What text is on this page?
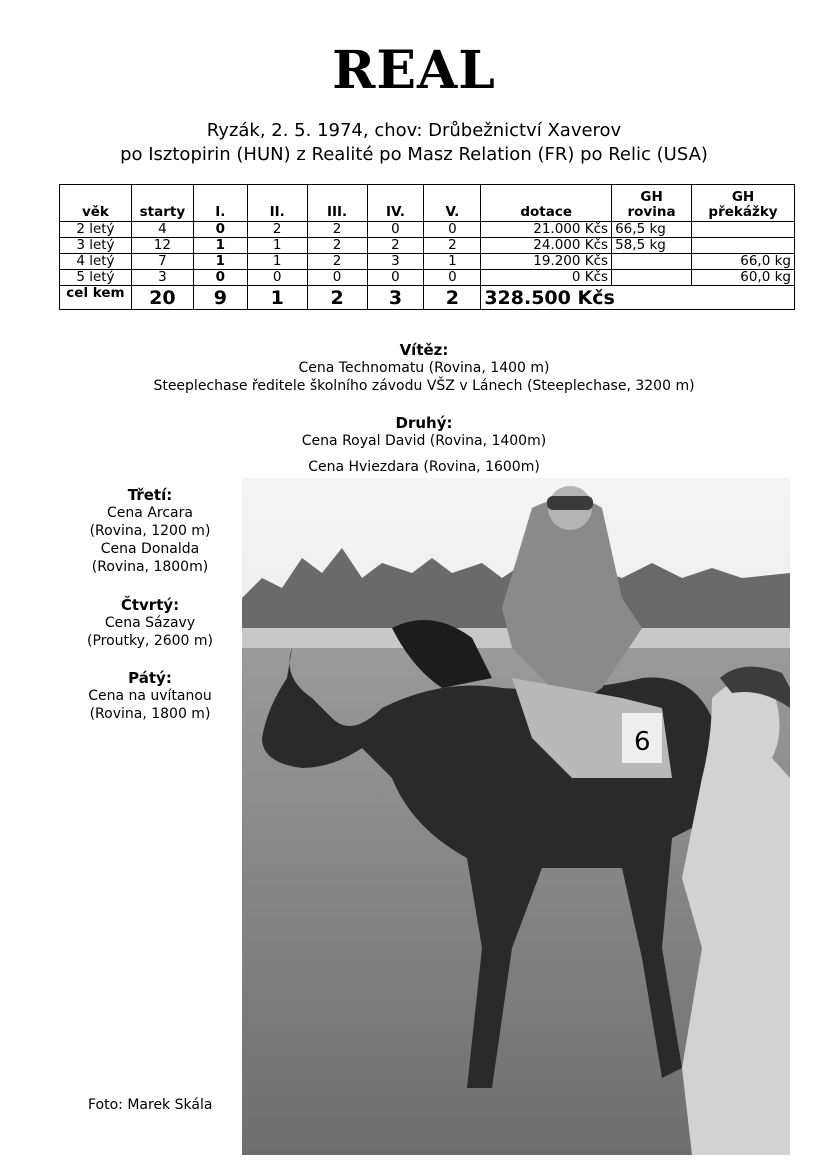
REAL
Ryzák, 2. 5. 1974, chov: Drůbežnictví Xaverov
po Isztopirin (HUN) z Realité po Masz Relation (FR) po Relic (USA)
věk	starty	I.	II.	III.	IV.	V.	dotace	GH rovina	GH překážky
2 letý	4	0	2	2	0	0	21.000 Kčs	66,5 kg	
3 letý	12	1	1	2	2	2	24.000 Kčs	58,5 kg	
4 letý	7	1	1	2	3	1	19.200 Kčs		66,0 kg
5 letý	3	0	0	0	0	0	0 Kčs		60,0 kg
cel kem	20	9	1	2	3	2	328.500 Kčs		
Vítěz:
Cena Technomatu (Rovina, 1400 m)
Steeplechase ředitele školního závodu VŠZ v Lánech (Steeplechase, 3200 m)
Druhý:
Cena Royal David (Rovina, 1400m)
Cena Hviezdara (Rovina, 1600m)
Třetí:
Cena Arcara
(Rovina, 1200 m)
Cena Donalda
(Rovina, 1800m)
Čtvrtý:
Cena Sázavy
(Proutky, 2600 m)
Pátý:
Cena na uvítanou
(Rovina, 1800 m)
6
Foto: Marek Skála
